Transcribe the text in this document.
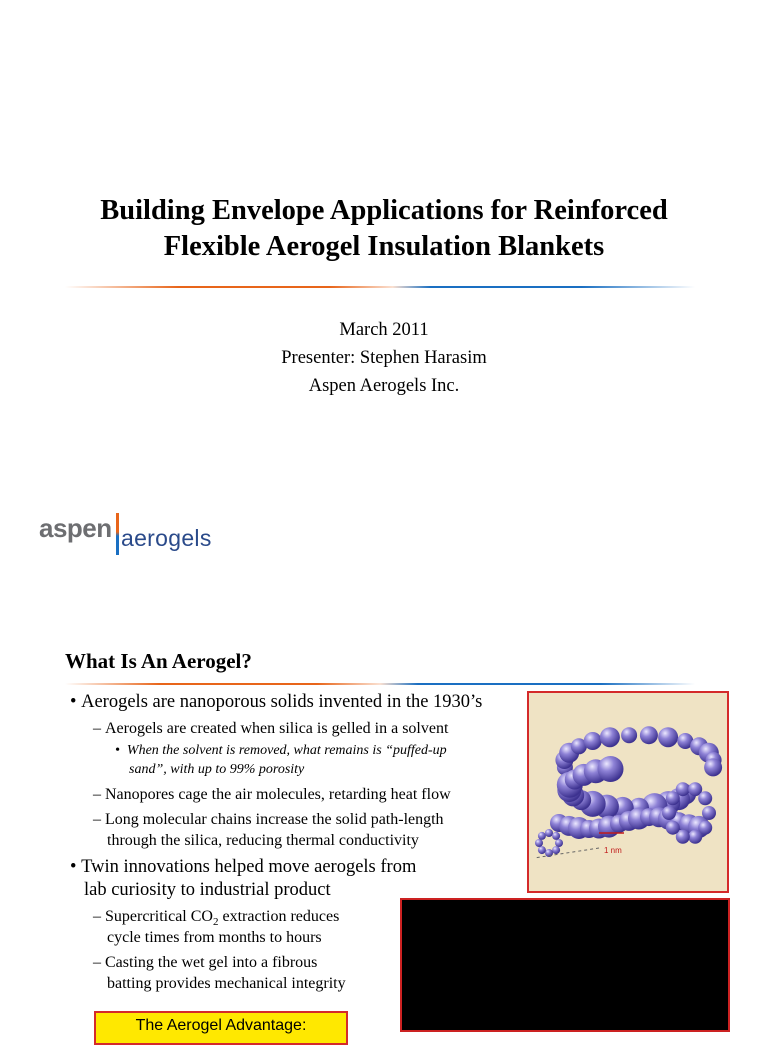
Building Envelope Applications for Reinforced
Flexible Aerogel Insulation Blankets
March 2011
Presenter: Stephen Harasim
Aspen Aerogels Inc.
aspen aerogels
What Is An Aerogel?
• Aerogels are nanoporous solids invented in the 1930’s
– Aerogels are created when silica is gelled in a solvent
•  When the solvent is removed, what remains is “puffed-up
sand”, with up to 99% porosity
– Nanopores cage the air molecules, retarding heat flow
– Long molecular chains increase the solid path-length
through the silica, reducing thermal conductivity
• Twin innovations helped move aerogels from
lab curiosity to industrial product
– Supercritical $CO_2$ extraction reduces
cycle times from months to hours
– Casting the wet gel into a fibrous
batting provides mechanical integrity
1 nm
The Aerogel Advantage:
